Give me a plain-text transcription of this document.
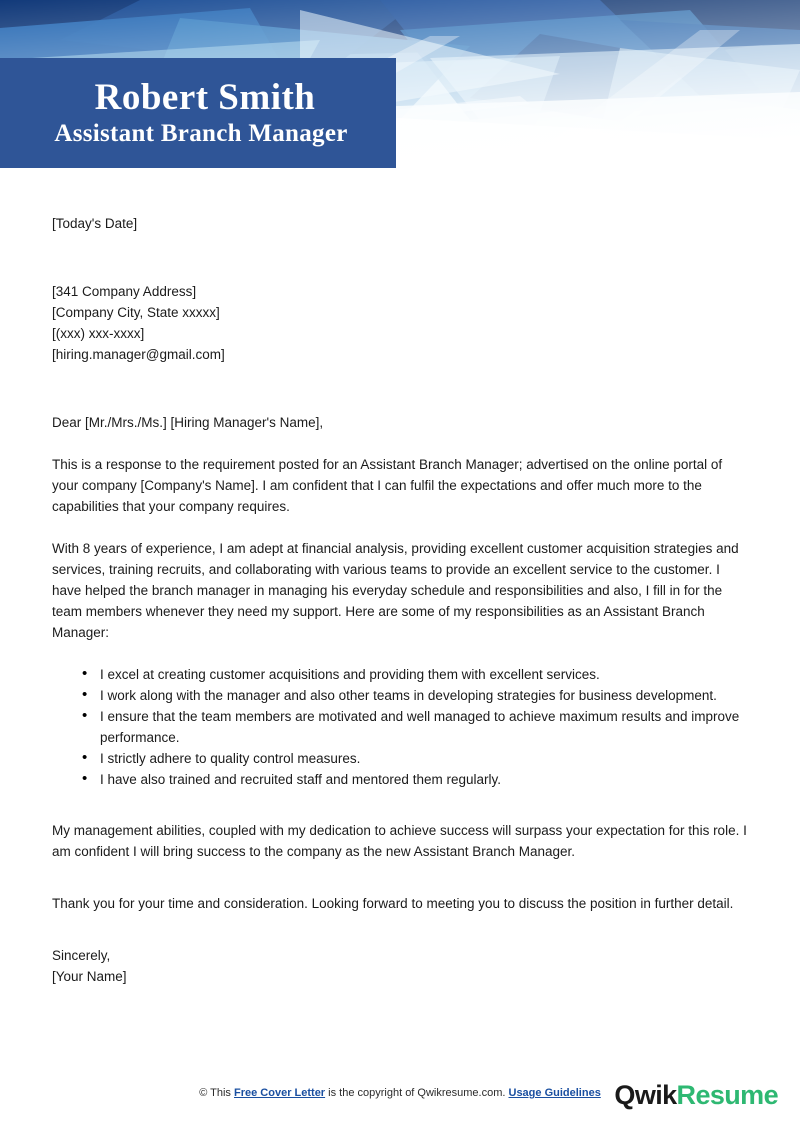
Robert Smith
Assistant Branch Manager
[Today's Date]
[341 Company Address]
[Company City, State xxxxx]
[(xxx) xxx-xxxx]
[hiring.manager@gmail.com]
Dear [Mr./Mrs./Ms.] [Hiring Manager's Name],
This is a response to the requirement posted for an Assistant Branch Manager; advertised on the online portal of your company [Company's Name]. I am confident that I can fulfil the expectations and offer much more to the capabilities that your company requires.
With 8 years of experience, I am adept at financial analysis, providing excellent customer acquisition strategies and services, training recruits, and collaborating with various teams to provide an excellent service to the customer. I have helped the branch manager in managing his everyday schedule and responsibilities and also, I fill in for the team members whenever they need my support. Here are some of my responsibilities as an Assistant Branch Manager:
• I excel at creating customer acquisitions and providing them with excellent services.
• I work along with the manager and also other teams in developing strategies for business development.
• I ensure that the team members are motivated and well managed to achieve maximum results and improve performance.
• I strictly adhere to quality control measures.
• I have also trained and recruited staff and mentored them regularly.
My management abilities, coupled with my dedication to achieve success will surpass your expectation for this role. I am confident I will bring success to the company as the new Assistant Branch Manager.
Thank you for your time and consideration. Looking forward to meeting you to discuss the position in further detail.
Sincerely,
[Your Name]
© This Free Cover Letter is the copyright of Qwikresume.com. Usage Guidelines QwikResume
